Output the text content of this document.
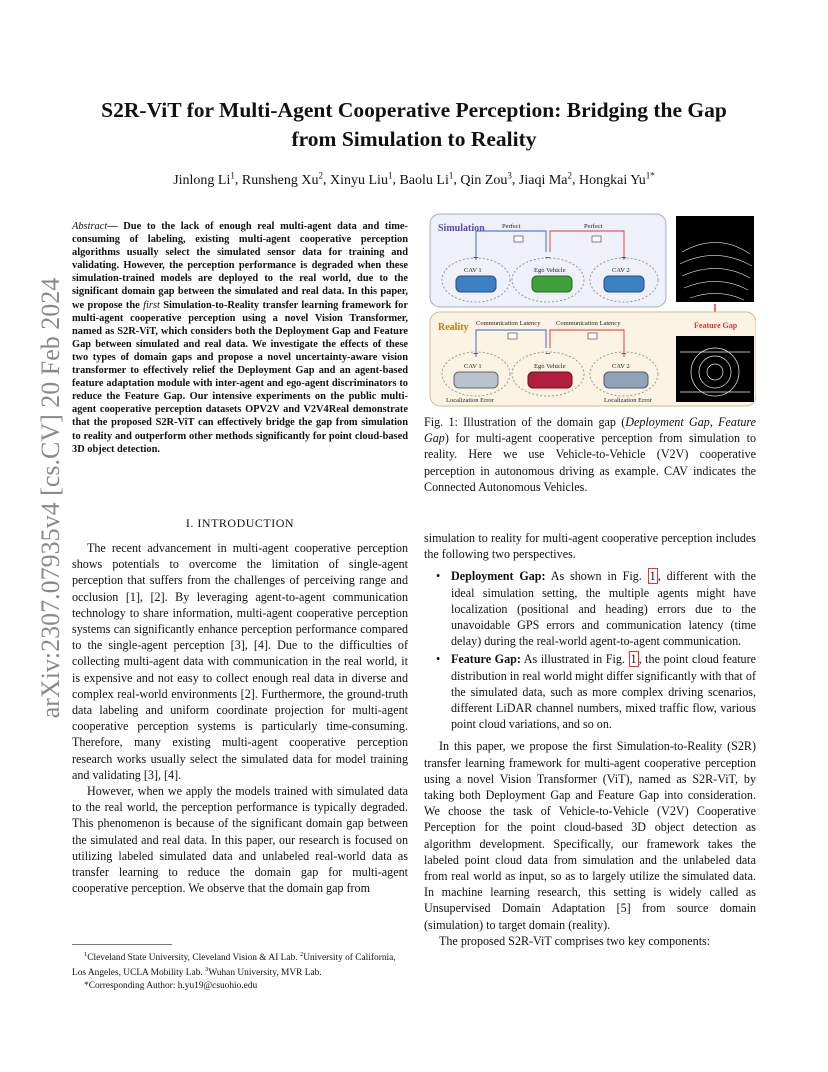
arXiv:2307.07935v4 [cs.CV] 20 Feb 2024
S2R-ViT for Multi-Agent Cooperative Perception: Bridging the Gap
from Simulation to Reality
Jinlong Li$^1$, Runsheng Xu$^2$, Xinyu Liu$^1$, Baolu Li$^1$, Qin Zou$^3$, Jiaqi Ma$^2$, Hongkai $Yu^{1*}$
Abstract— Due to the lack of enough real multi-agent data and time-consuming of labeling, existing multi-agent cooperative perception algorithms usually select the simulated sensor data for training and validating. However, the perception performance is degraded when these simulation-trained models are deployed to the real world, due to the significant domain gap between the simulated and real data. In this paper, we propose the first Simulation-to-Reality transfer learning framework for multi-agent cooperative perception using a novel Vision Transformer, named as S2R-ViT, which considers both the Deployment Gap and Feature Gap between simulated and real data. We investigate the effects of these two types of domain gaps and propose a novel uncertainty-aware vision transformer to effectively relief the Deployment Gap and an agent-based feature adaptation module with inter-agent and ego-agent discriminators to reduce the Feature Gap. Our intensive experiments on the public multi-agent cooperative perception datasets OPV2V and V2V4Real demonstrate that the proposed S2R-ViT can effectively bridge the gap from simulation to reality and outperform other methods significantly for point cloud-based 3D object detection.
I. INTRODUCTION

The recent advancement in multi-agent cooperative perception shows potentials to overcome the limitation of single-agent perception that suffers from the challenges of perceiving range and occlusion [1], [2]. By leveraging agent-to-agent communication technology to share information, multi-agent cooperative perception systems can significantly enhance perception performance compared to the single-agent perception [3], [4]. Due to the difficulties of collecting multi-agent data with communication in the real world, it is expensive and not easy to collect enough real data in diverse and complex real-world environments [2]. Furthermore, the ground-truth data labeling and uniform coordinate projection for multi-agent cooperative perception systems is particularly time-consuming. Therefore, many existing multi-agent cooperative perception research works usually select the simulated data for model training and validating [3], [4].

However, when we apply the models trained with simulated data to the real world, the perception performance is typically degraded. This phenomenon is because of the significant domain gap between the simulated and real data. In this paper, our research is focused on utilizing labeled simulated data and unlabeled real-world data as transfer learning to reduce the domain gap for multi-agent cooperative perception. We observe that the domain gap from

$^1$Cleveland State University, Cleveland Vision & AI Lab. $^2$University of California, Los Angeles, UCLA Mobility Lab. $^3$Wuhan University, MVR Lab.

*Corresponding Author: h.yu19@csuohio.edu

Simulation	Perfect	Perfect
⌔	⌔	⌔
CAV 1	Ego Vehicle	CAV 2
Reality Communication Latency Communication Latency	Feature Gap
⌔	⌔	⌔
CAV 1	Ego Vehicle	CAV 2
Localization Error	Localization Error
Fig. 1: Illustration of the domain gap (Deployment Gap, Feature Gap) for multi-agent cooperative perception from simulation to reality. Here we use Vehicle-to-Vehicle (V2V) cooperative perception in autonomous driving as example. CAV indicates the Connected Autonomous Vehicles.

simulation to reality for multi-agent cooperative perception includes the following two perspectives.

• Deployment Gap: As shown in Fig. 1 , different with the ideal simulation setting, the multiple agents might have localization (positional and heading) errors due to the unavoidable GPS errors and communication latency (time delay) during the real-world agent-to-agent communication.
• Feature Gap: As illustrated in Fig. 1 , the point cloud feature distribution in real world might differ significantly with that of the simulated data, such as more complex driving scenarios, different LiDAR channel numbers, mixed traffic flow, various point cloud variations, and so on.

In this paper, we propose the first Simulation-to-Reality (S2R) transfer learning framework for multi-agent cooperative perception using a novel Vision Transformer (ViT), named as S2R-ViT, by taking both Deployment Gap and Feature Gap into consideration. We choose the task of Vehicle-to-Vehicle (V2V) Cooperative Perception for the point cloud-based 3D object detection as algorithm development. Specifically, our framework takes the labeled point cloud data from simulation and the unlabeled data from real world as input, so as to largely utilize the simulated data. In machine learning research, this setting is widely called as Unsupervised Domain Adaptation [5] from source domain (simulation) to target domain (reality).

The proposed S2R-ViT comprises two key components:
